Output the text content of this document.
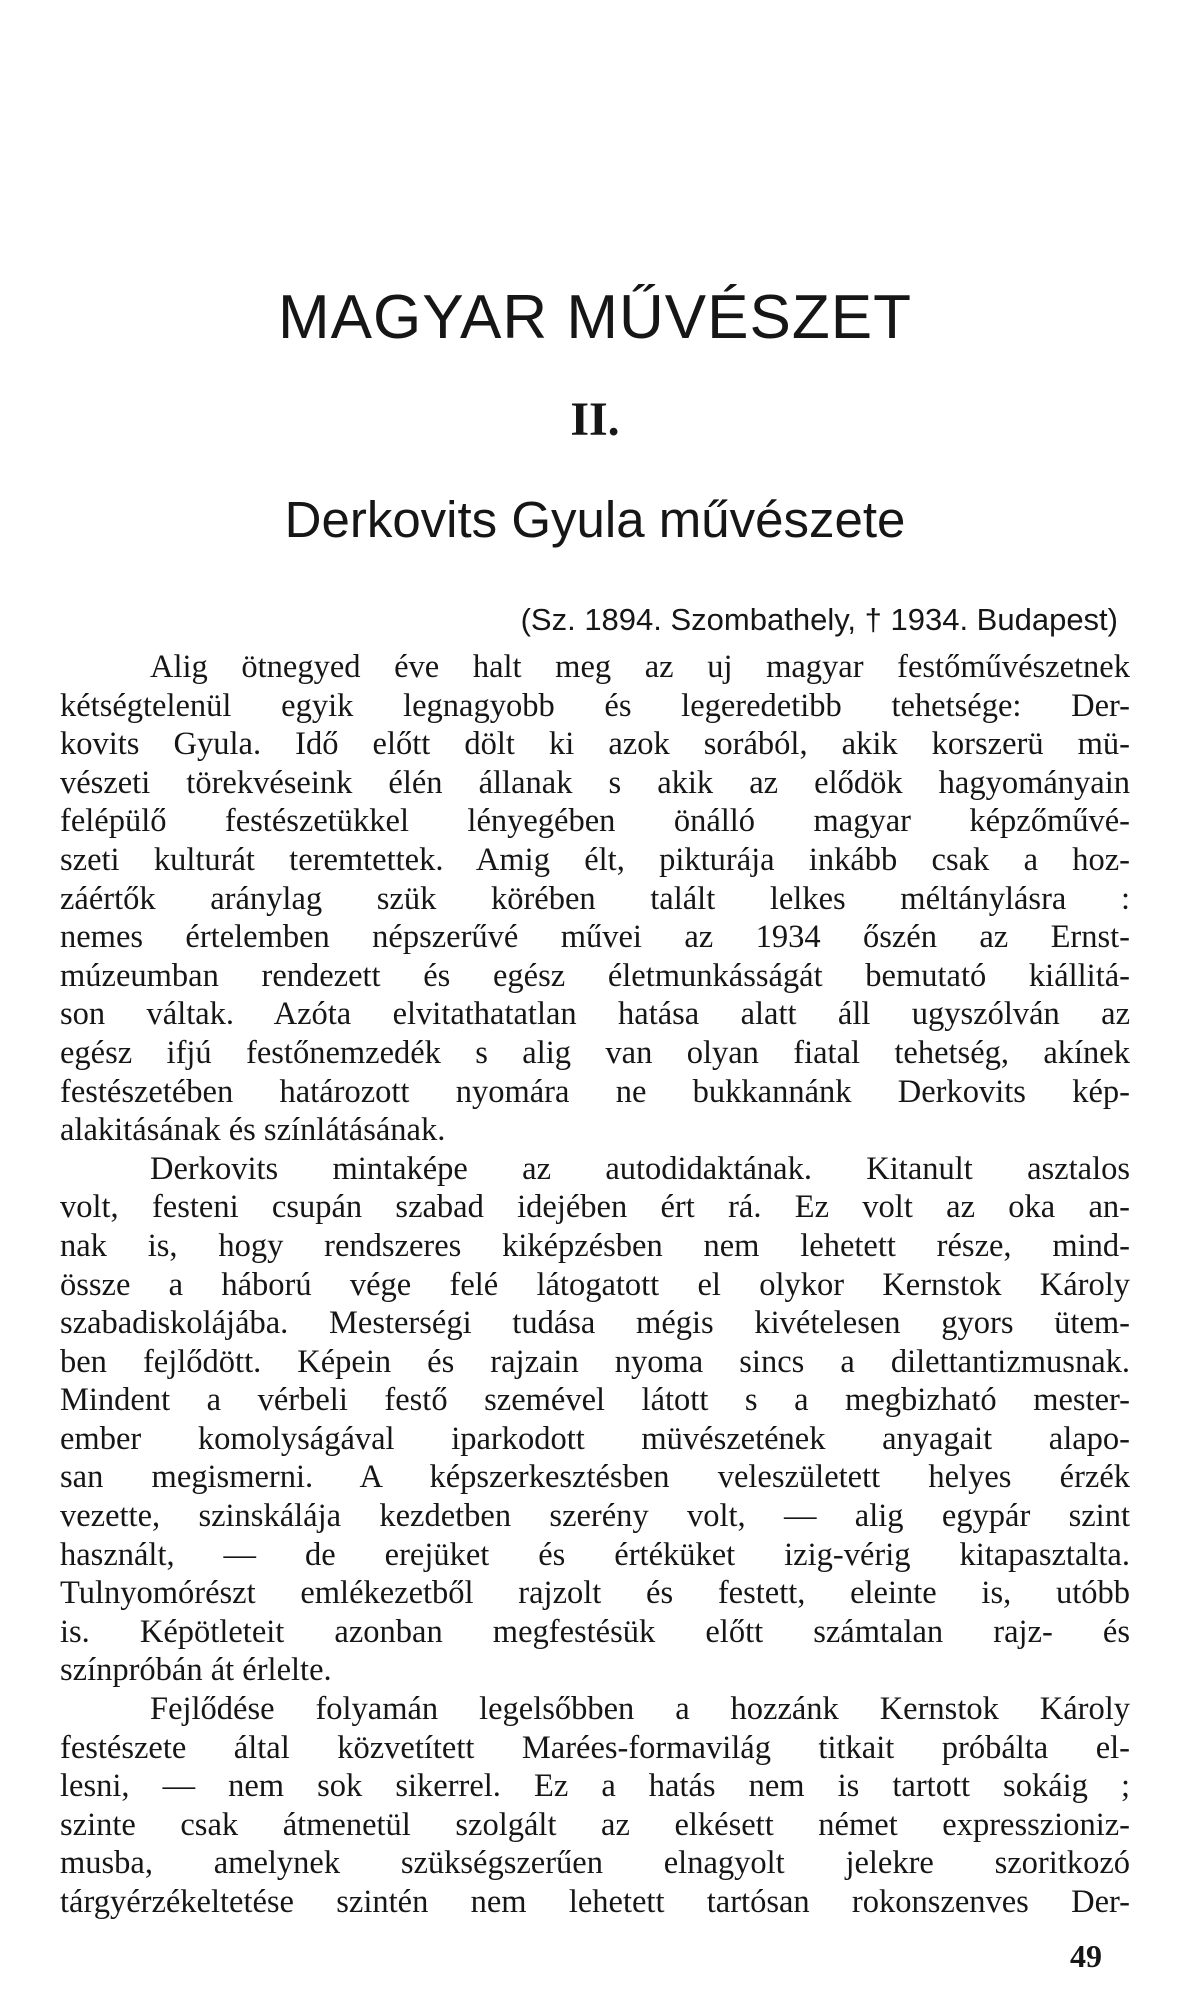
MAGYAR MŰVÉSZET
II.
Derkovits Gyula művészete
(Sz. 1894. Szombathely, † 1934. Budapest)
Alig ötnegyed éve halt meg az uj magyar festőművészetnek
kétségtelenül egyik legnagyobb és legeredetibb tehetsége: Der-
kovits Gyula. Idő előtt dölt ki azok sorából, akik korszerü mü-
vészeti törekvéseink élén állanak s akik az elődök hagyományain
felépülő festészetükkel lényegében önálló magyar képzőművé-
szeti kulturát teremtettek. Amig élt, pikturája inkább csak a hoz-
záértők aránylag szük körében talált lelkes méltánylásra :
nemes értelemben népszerűvé művei az 1934 őszén az Ernst-
múzeumban rendezett és egész életmunkásságát bemutató kiállitá-
son váltak. Azóta elvitathatatlan hatása alatt áll ugyszólván az
egész ifjú festőnemzedék s alig van olyan fiatal tehetség, akínek
festészetében határozott nyomára ne bukkannánk Derkovits kép-
alakitásának és színlátásának.
Derkovits mintaképe az autodidaktának. Kitanult asztalos
volt, festeni csupán szabad idejében ért rá. Ez volt az oka an-
nak is, hogy rendszeres kiképzésben nem lehetett része, mind-
össze a háború vége felé látogatott el olykor Kernstok Károly
szabadiskolájába. Mesterségi tudása mégis kivételesen gyors ütem-
ben fejlődött. Képein és rajzain nyoma sincs a dilettantizmusnak.
Mindent a vérbeli festő szemével látott s a megbizható mester-
ember komolyságával iparkodott müvészetének anyagait alapo-
san megismerni. A képszerkesztésben veleszületett helyes érzék
vezette, szinskálája kezdetben szerény volt, — alig egypár szint
használt, — de erejüket és értéküket izig-vérig kitapasztalta.
Tulnyomórészt emlékezetből rajzolt és festett, eleinte is, utóbb
is. Képötleteit azonban megfestésük előtt számtalan rajz- és
színpróbán át érlelte.
Fejlődése folyamán legelsőbben a hozzánk Kernstok Károly
festészete által közvetített Marées-formavilág titkait próbálta el-
lesni, — nem sok sikerrel. Ez a hatás nem is tartott sokáig ;
szinte csak átmenetül szolgált az elkésett német expresszioniz-
musba, amelynek szükségszerűen elnagyolt jelekre szoritkozó
tárgyérzékeltetése szintén nem lehetett tartósan rokonszenves Der-
49
